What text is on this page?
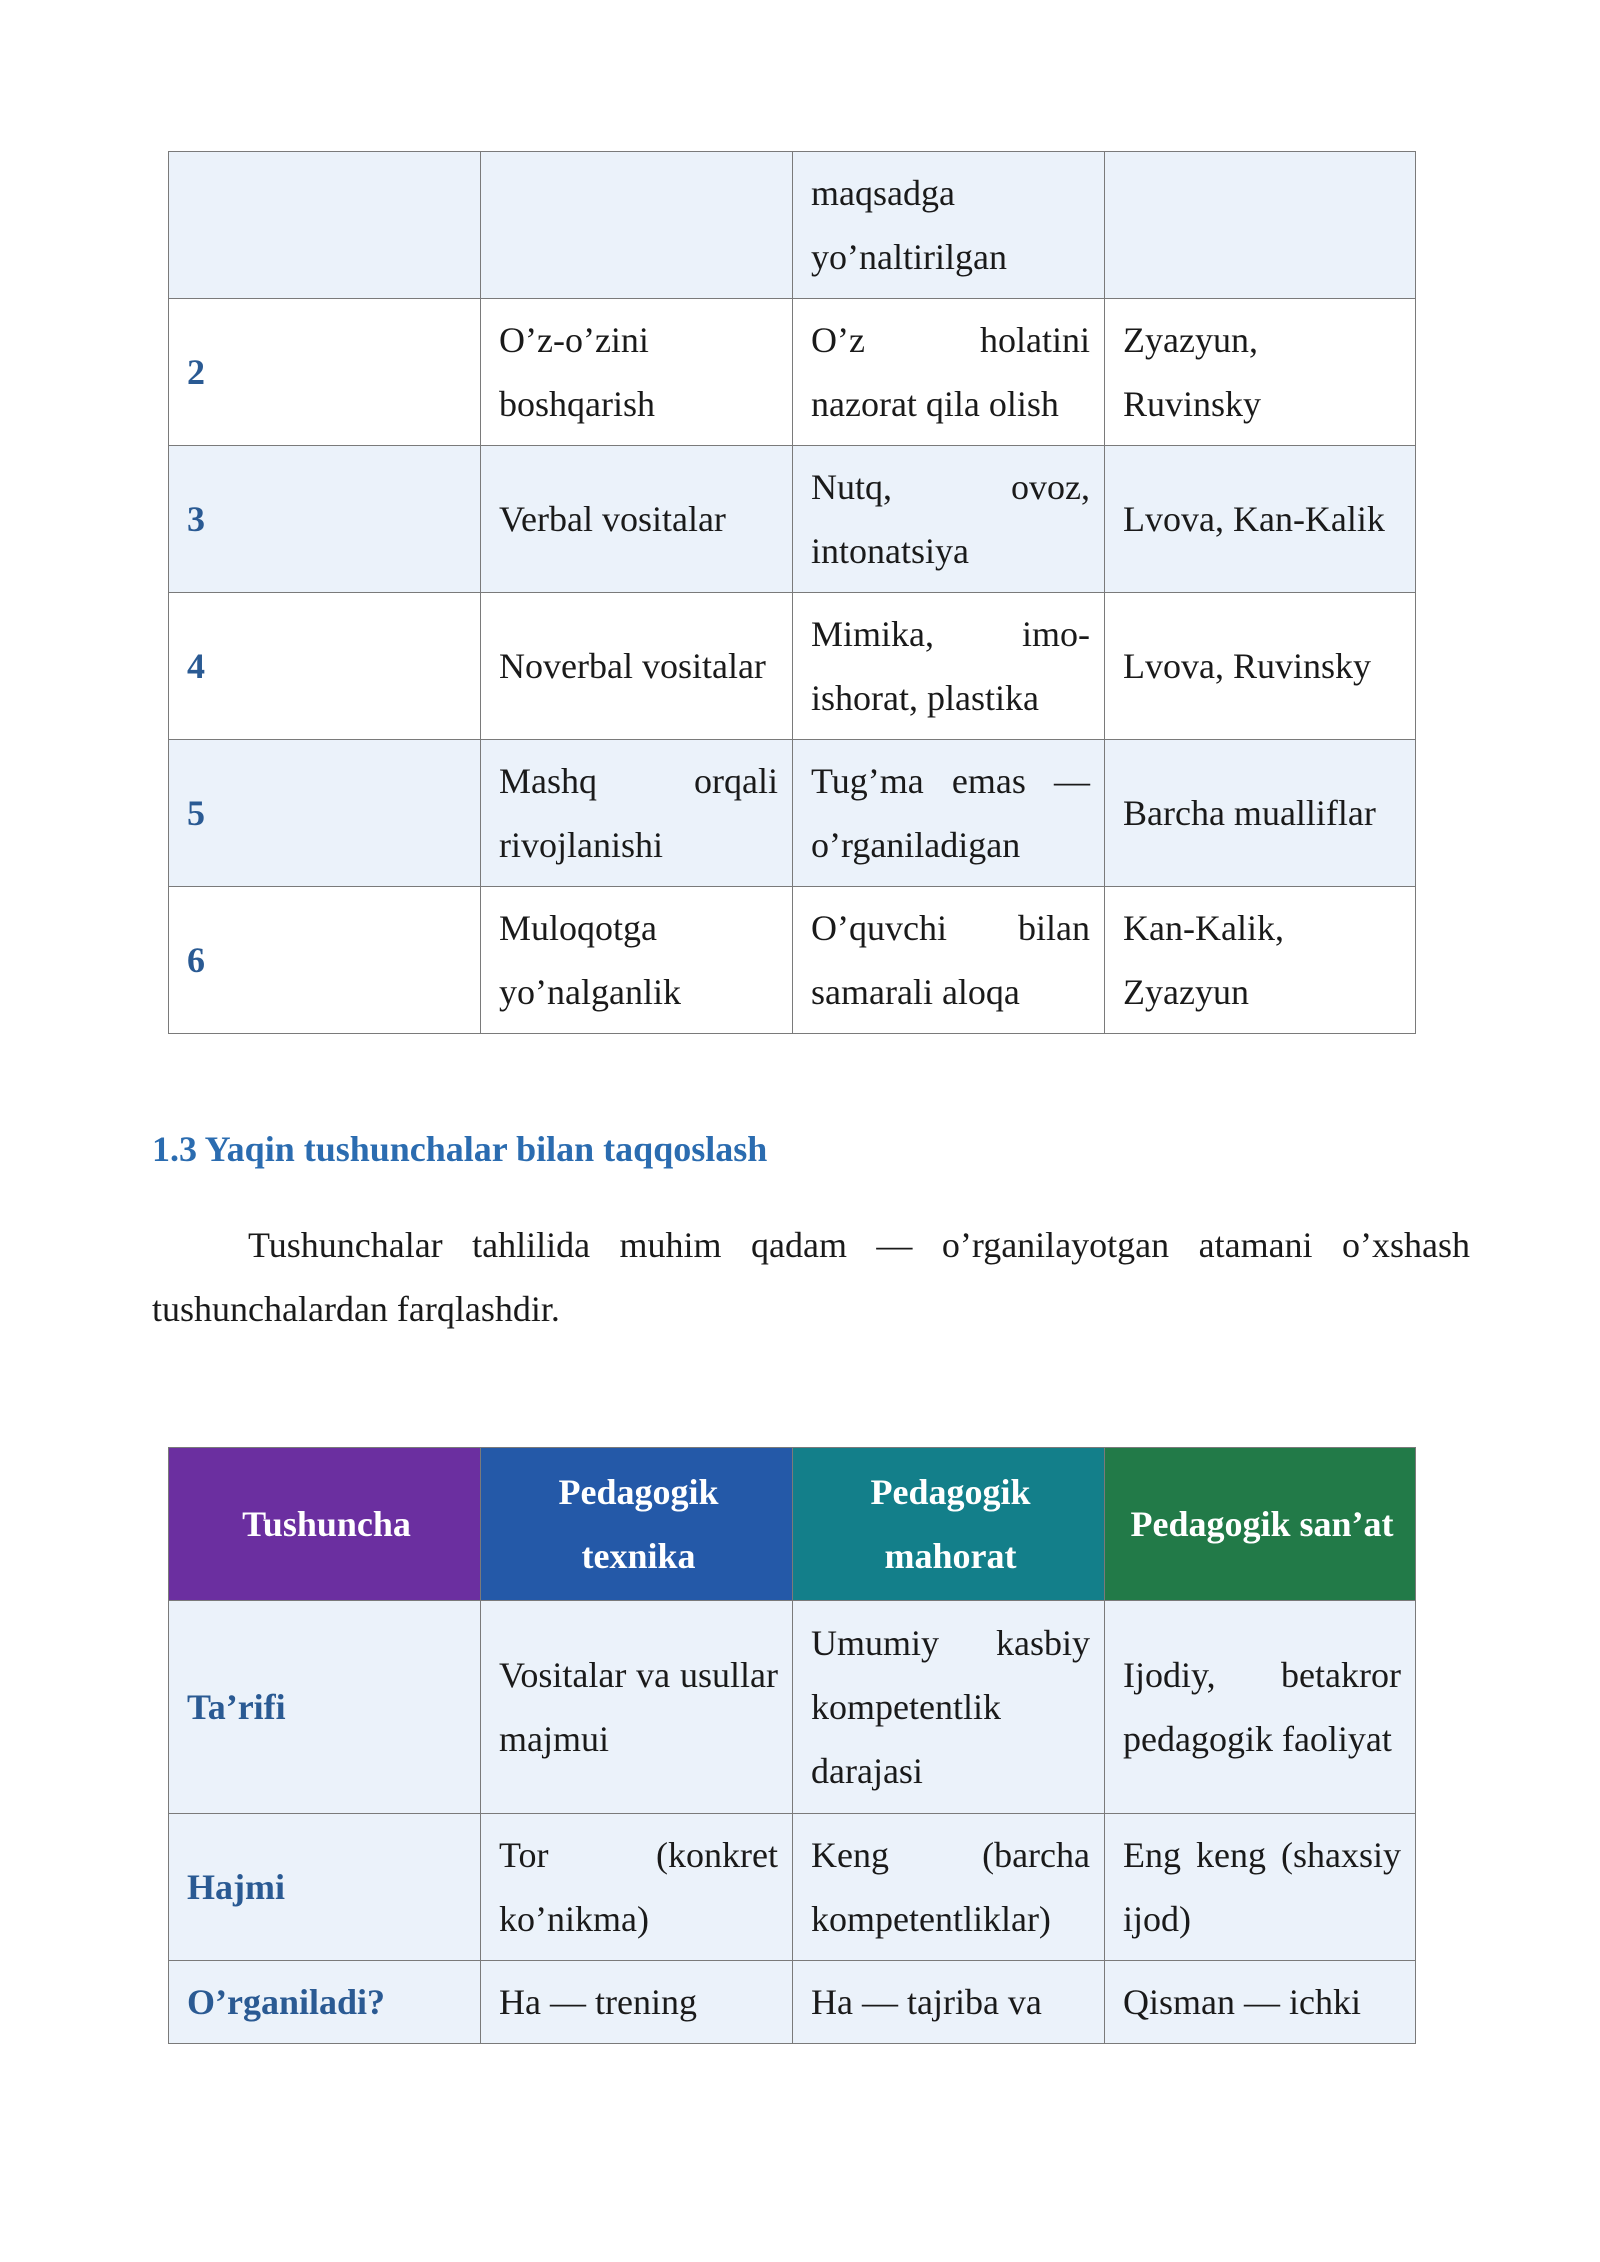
		maqsadga yo’naltirilgan	
2	O’z-o’zini boshqarish	O’z holatini nazorat qila olish	Zyazyun, Ruvinsky
3	Verbal vositalar	Nutq, ovoz, intonatsiya	Lvova, Kan-Kalik
4	Noverbal vositalar	Mimika, imo-ishorat, plastika	Lvova, Ruvinsky
5	Mashq orqali rivojlanishi	Tug’ma emas — o’rganiladigan	Barcha mualliflar
6	Muloqotga yo’nalganlik	O’quvchi bilan samarali aloqa	Kan-Kalik, Zyazyun
1.3 Yaqin tushunchalar bilan taqqoslash

Tushunchalar tahlilida muhim qadam — o’rganilayotgan atamani o’xshash tushunchalardan farqlashdir.

Tushuncha	Pedagogik texnika	Pedagogik mahorat	Pedagogik san’at
Ta’rifi	Vositalar va usullar majmui	Umumiy kasbiy kompetentlik darajasi	Ijodiy, betakror pedagogik faoliyat
Hajmi	Tor (konkret ko’nikma)	Keng (barcha kompetentliklar)	Eng keng (shaxsiy ijod)
O’rganiladi?	Ha — trening	Ha — tajriba va	Qisman — ichki
